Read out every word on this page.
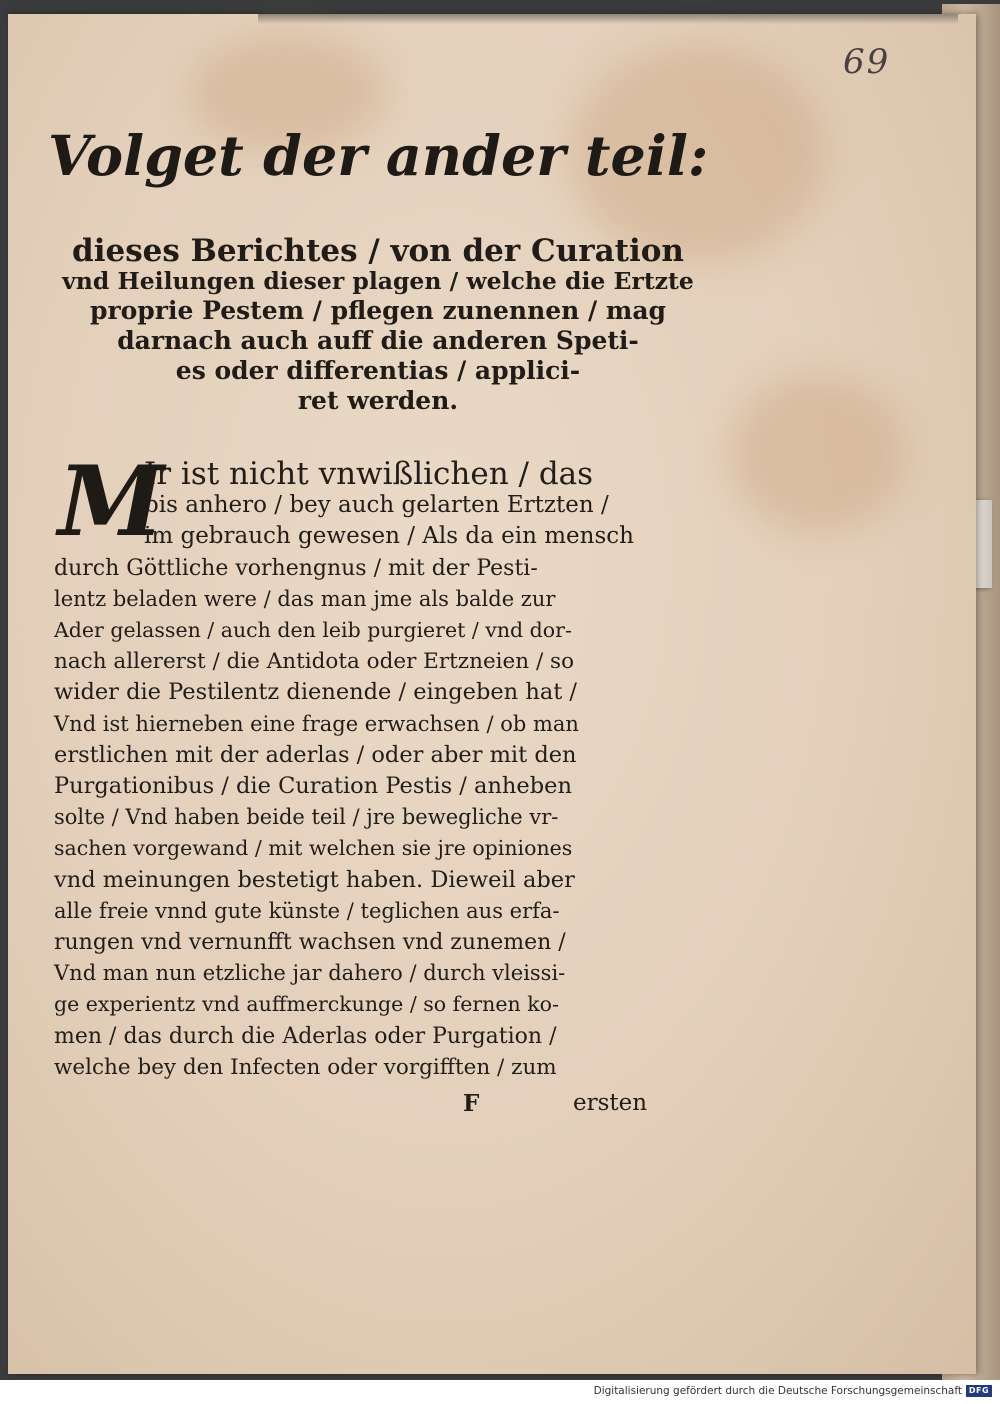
69
Volget der ander teil:
dieses Berichtes / von der Curation
vnd Heilungen dieser plagen / welche die Ertzte
proprie Pestem / pflegen zunennen / mag
darnach auch auff die anderen Speti-
es oder differentias / applici-
ret werden.
M
Ir ist nicht vnwißlichen / das
bis anhero / bey auch gelarten Ertzten /
im gebrauch gewesen / Als da ein mensch
durch Göttliche vorhengnus / mit der Pesti-
lentz beladen were / das man jme als balde zur
Ader gelassen / auch den leib purgieret / vnd dor-
nach allererst / die Antidota oder Ertzneien / so
wider die Pestilentz dienende / eingeben hat /
Vnd ist hierneben eine frage erwachsen / ob man
erstlichen mit der aderlas / oder aber mit den
Purgationibus / die Curation Pestis / anheben
solte / Vnd haben beide teil / jre bewegliche vr-
sachen vorgewand / mit welchen sie jre opiniones
vnd meinungen bestetigt haben. Dieweil aber
alle freie vnnd gute künste / teglichen aus erfa-
rungen vnd vernunfft wachsen vnd zunemen /
Vnd man nun etzliche jar dahero / durch vleissi-
ge experientz vnd auffmerckunge / so fernen ko-
men / das durch die Aderlas oder Purgation /
welche bey den Infecten oder vorgifften / zum
F	ersten
Digitalisierung gefördert durch die Deutsche Forschungsgemeinschaft DFG
